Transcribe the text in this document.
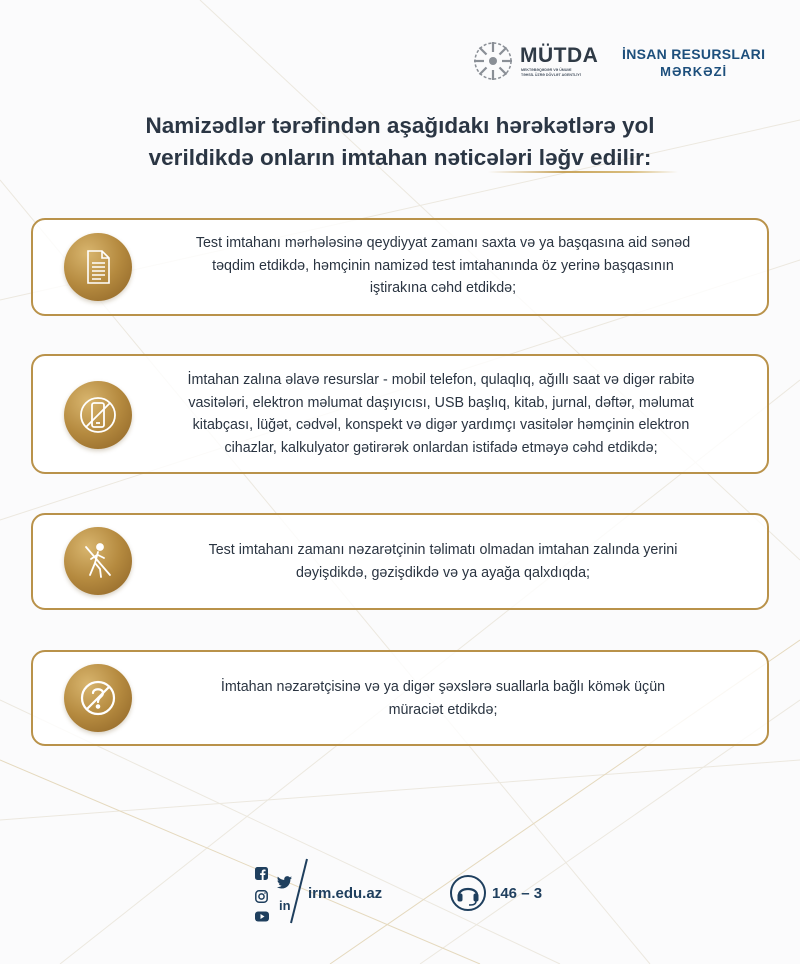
MÜTDA
MEKTƏBƏQƏDƏR VƏ ÜMUMİ TƏHSİL ÜZRƏ DÖVLƏT AGENTLİYİ
İNSAN RESURSLARI
MƏRKƏZİ
Namizədlər tərəfindən aşağıdakı hərəkətlərə yol
verildikdə onların imtahan nəticələri ləğv edilir:
Test imtahanı mərhələsinə qeydiyyat zamanı saxta və ya başqasına aid sənəd
təqdim etdikdə, həmçinin namizəd test imtahanında öz yerinə başqasının
iştirakına cəhd etdikdə;
İmtahan zalına əlavə resurslar - mobil telefon, qulaqlıq, ağıllı saat və digər rabitə
vasitələri, elektron məlumat daşıyıcısı, USB başlıq, kitab, jurnal, dəftər, məlumat
kitabçası, lüğət, cədvəl, konspekt və digər yardımçı vasitələr həmçinin elektron
cihazlar, kalkulyator gətirərək onlardan istifadə etməyə cəhd etdikdə;
Test imtahanı zamanı nəzarətçinin təlimatı olmadan imtahan zalında yerini
dəyişdikdə, gəzişdikdə və ya ayağa qalxdıqda;
İmtahan nəzarətçisinə və ya digər şəxslərə suallarla bağlı kömək üçün
müraciət etdikdə;
in
irm.edu.az	146 – 3
